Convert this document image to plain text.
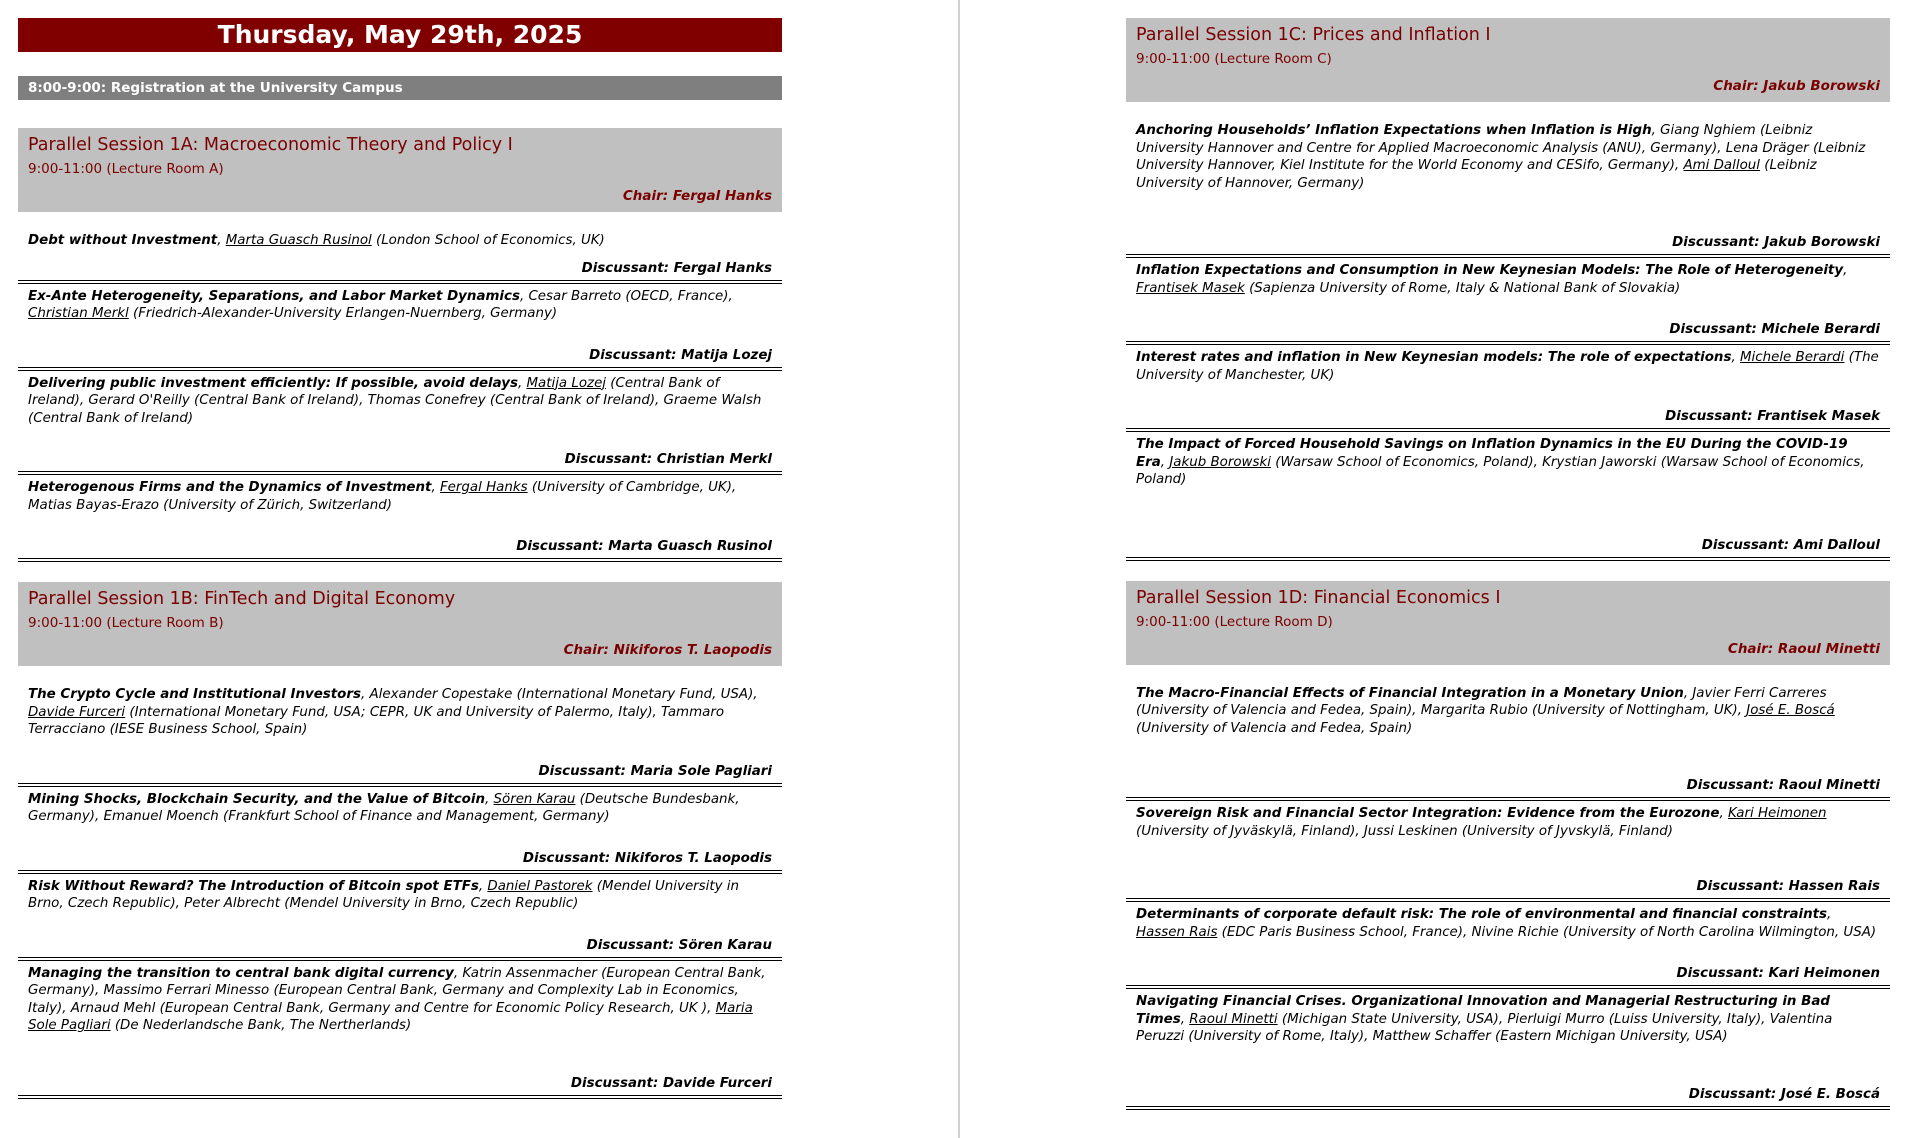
Thursday, May 29th, 2025
8:00-9:00: Registration at the University Campus
Parallel Session 1A: Macroeconomic Theory and Policy I
9:00-11:00 (Lecture Room A)
Chair: Fergal Hanks
Debt without Investment, Marta Guasch Rusinol (London School of Economics, UK)
Discussant: Fergal Hanks
Ex-Ante Heterogeneity, Separations, and Labor Market Dynamics, Cesar Barreto (OECD, France), Christian Merkl (Friedrich-Alexander-University Erlangen-Nuernberg, Germany)
Discussant: Matija Lozej
Delivering public investment efficiently: If possible, avoid delays, Matija Lozej (Central Bank of Ireland), Gerard O'Reilly (Central Bank of Ireland), Thomas Conefrey (Central Bank of Ireland), Graeme Walsh (Central Bank of Ireland)
Discussant: Christian Merkl
Heterogenous Firms and the Dynamics of Investment, Fergal Hanks (University of Cambridge, UK), Matias Bayas-Erazo (University of Zürich, Switzerland)
Discussant: Marta Guasch Rusinol
Parallel Session 1B: FinTech and Digital Economy
9:00-11:00 (Lecture Room B)
Chair: Nikiforos T. Laopodis
The Crypto Cycle and Institutional Investors, Alexander Copestake (International Monetary Fund, USA), Davide Furceri (International Monetary Fund, USA; CEPR, UK and University of Palermo, Italy), Tammaro Terracciano (IESE Business School, Spain)
Discussant: Maria Sole Pagliari
Mining Shocks, Blockchain Security, and the Value of Bitcoin, Sören Karau (Deutsche Bundesbank, Germany), Emanuel Moench (Frankfurt School of Finance and Management, Germany)
Discussant: Nikiforos T. Laopodis
Risk Without Reward? The Introduction of Bitcoin spot ETFs, Daniel Pastorek (Mendel University in Brno, Czech Republic), Peter Albrecht (Mendel University in Brno, Czech Republic)
Discussant: Sören Karau
Managing the transition to central bank digital currency, Katrin Assenmacher (European Central Bank, Germany), Massimo Ferrari Minesso (European Central Bank, Germany and Complexity Lab in Economics, Italy), Arnaud Mehl (European Central Bank, Germany and Centre for Economic Policy Research, UK ), Maria Sole Pagliari (De Nederlandsche Bank, The Nertherlands)
Discussant: Davide Furceri
Parallel Session 1C: Prices and Inflation I
9:00-11:00 (Lecture Room C)
Chair: Jakub Borowski
Anchoring Households’ Inflation Expectations when Inflation is High, Giang Nghiem (Leibniz University Hannover and Centre for Applied Macroeconomic Analysis (ANU), Germany), Lena Dräger (Leibniz University Hannover, Kiel Institute for the World Economy and CESifo, Germany), Ami Dalloul (Leibniz University of Hannover, Germany)
Discussant: Jakub Borowski
Inflation Expectations and Consumption in New Keynesian Models: The Role of Heterogeneity, Frantisek Masek (Sapienza University of Rome, Italy & National Bank of Slovakia)
Discussant: Michele Berardi
Interest rates and inflation in New Keynesian models: The role of expectations, Michele Berardi (The University of Manchester, UK)
Discussant: Frantisek Masek
The Impact of Forced Household Savings on Inflation Dynamics in the EU During the COVID-19 Era, Jakub Borowski (Warsaw School of Economics, Poland), Krystian Jaworski (Warsaw School of Economics, Poland)
Discussant: Ami Dalloul
Parallel Session 1D: Financial Economics I
9:00-11:00 (Lecture Room D)
Chair: Raoul Minetti
The Macro-Financial Effects of Financial Integration in a Monetary Union, Javier Ferri Carreres (University of Valencia and Fedea, Spain), Margarita Rubio (University of Nottingham, UK), José E. Boscá (University of Valencia and Fedea, Spain)
Discussant: Raoul Minetti
Sovereign Risk and Financial Sector Integration: Evidence from the Eurozone, Kari Heimonen (University of Jyväskylä, Finland), Jussi Leskinen (University of Jyvskylä, Finland)
Discussant: Hassen Rais
Determinants of corporate default risk: The role of environmental and financial constraints, Hassen Rais (EDC Paris Business School, France), Nivine Richie (University of North Carolina Wilmington, USA)
Discussant: Kari Heimonen
Navigating Financial Crises. Organizational Innovation and Managerial Restructuring in Bad Times, Raoul Minetti (Michigan State University, USA), Pierluigi Murro (Luiss University, Italy), Valentina Peruzzi (University of Rome, Italy), Matthew Schaffer (Eastern Michigan University, USA)
Discussant: José E. Boscá
